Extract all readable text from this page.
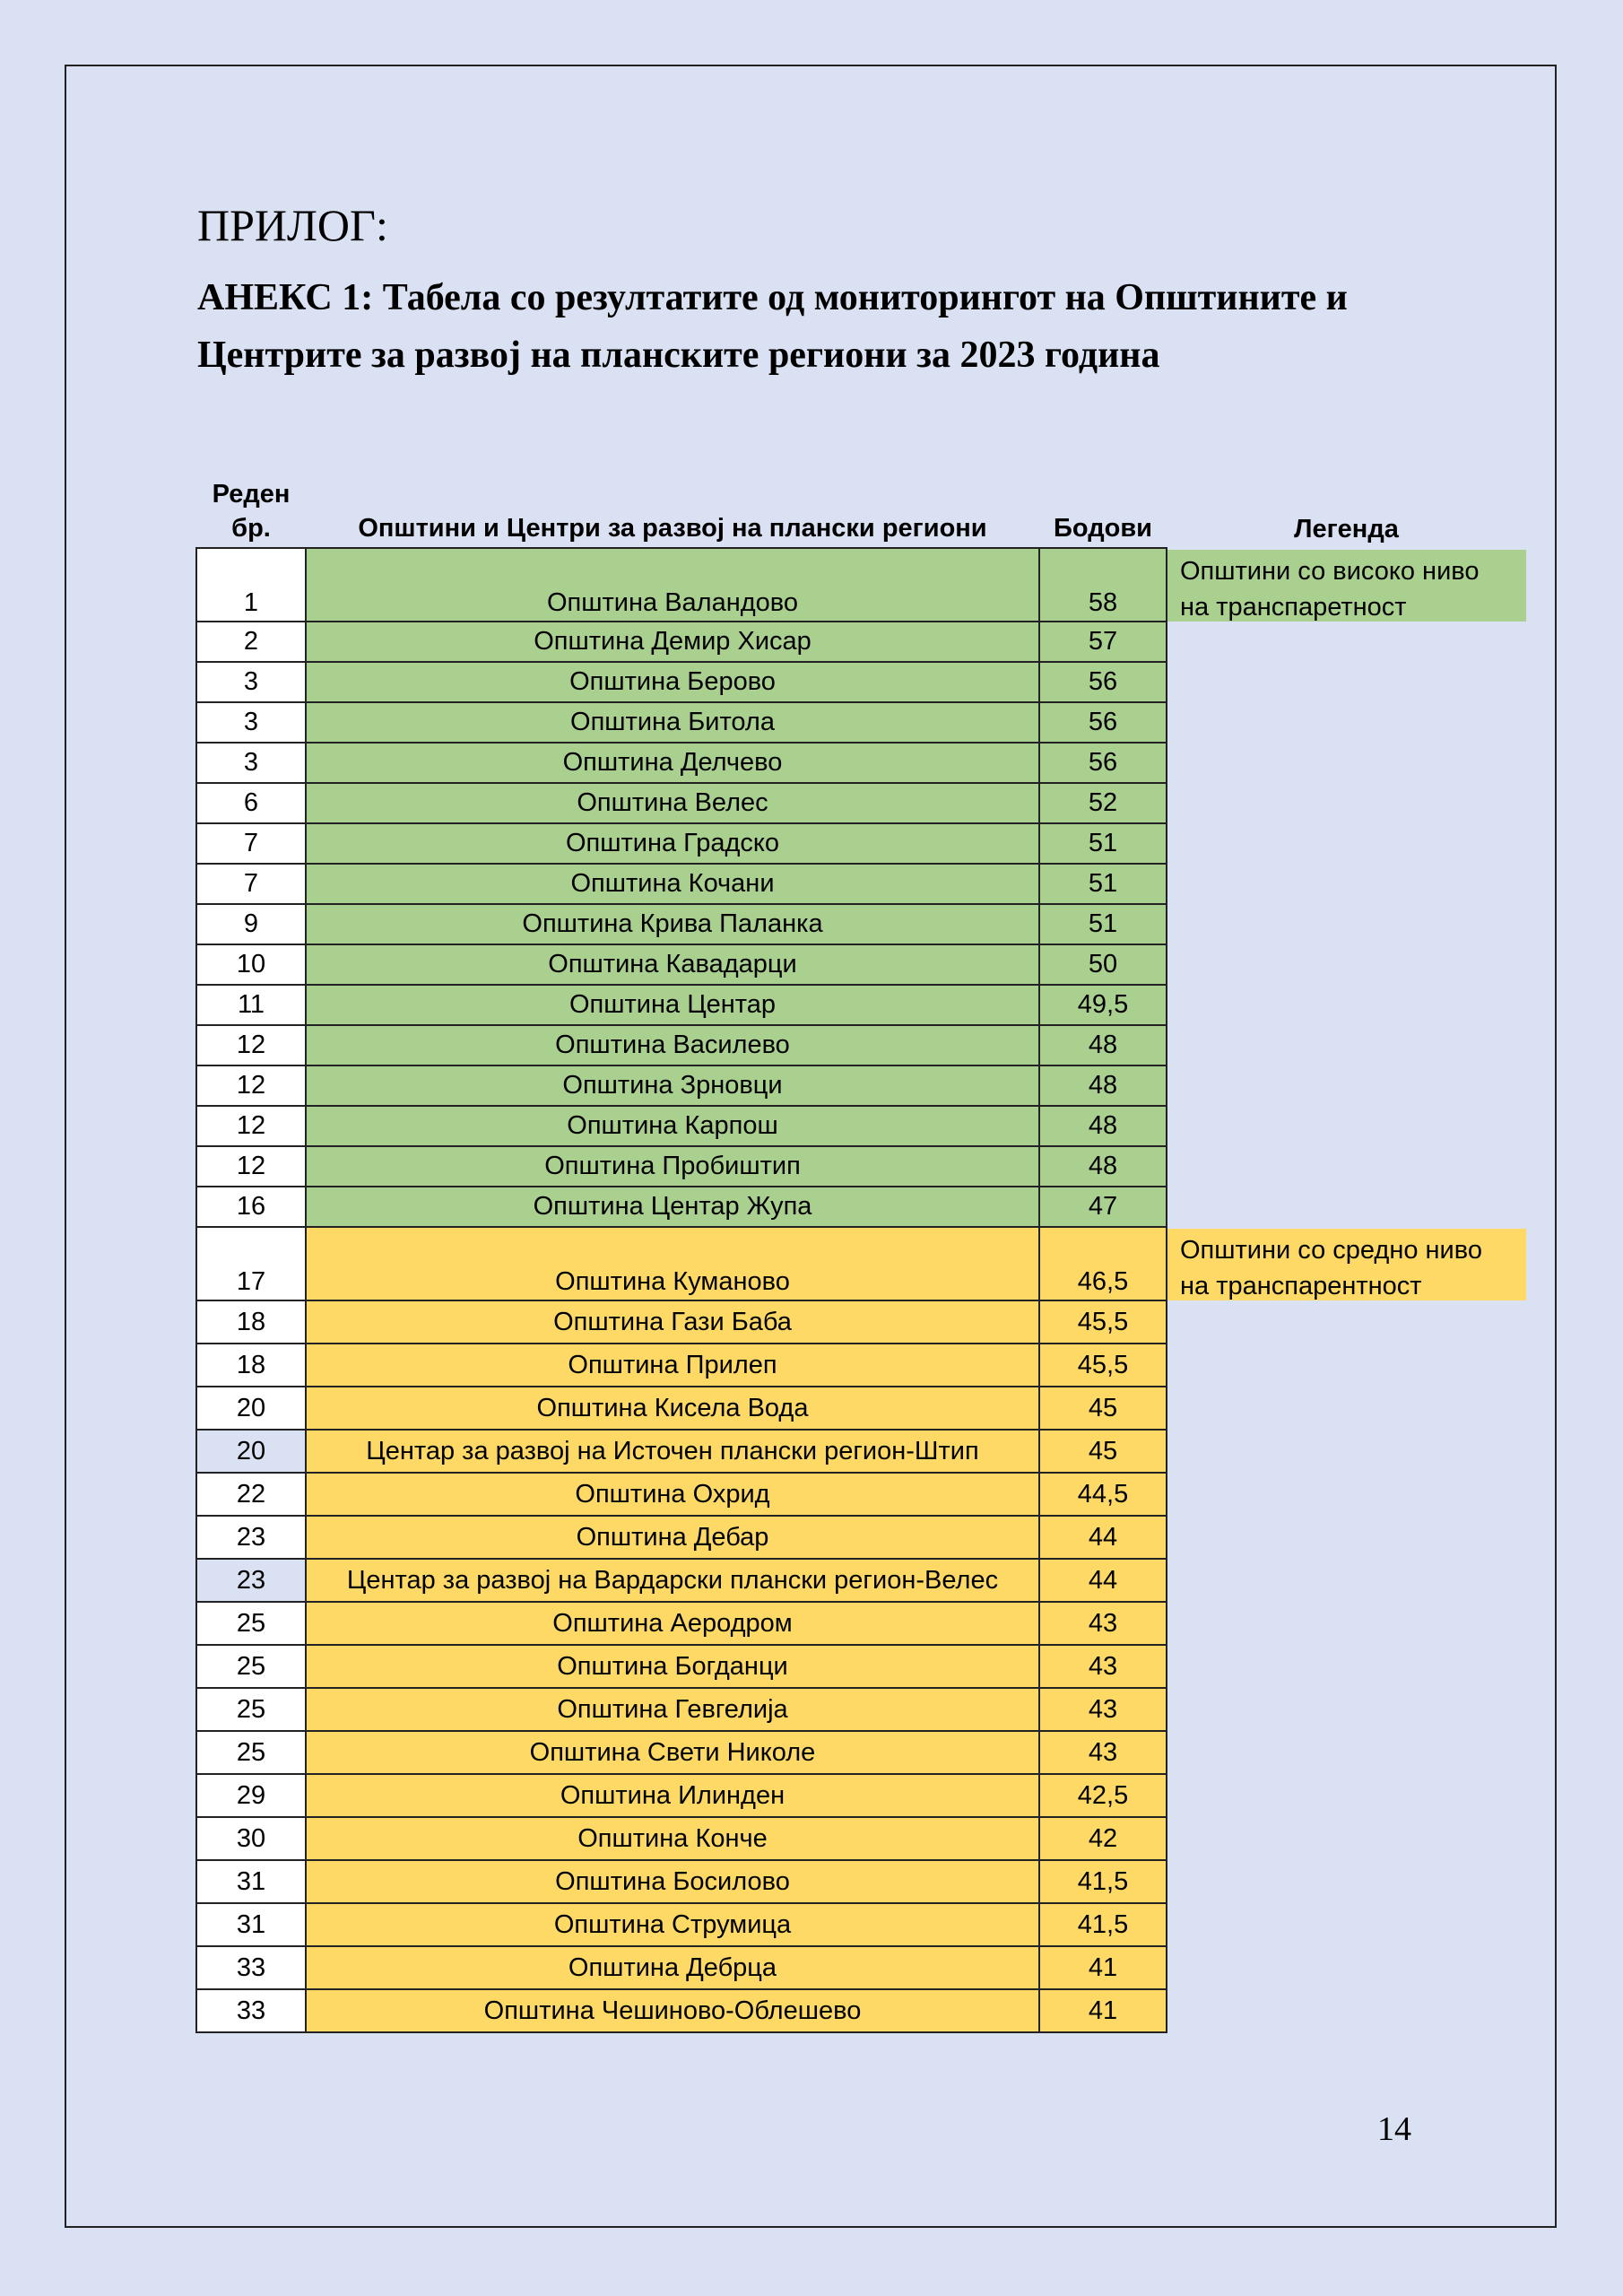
ПРИЛОГ:
АНЕКС 1: Табела со резултатите од мониторингот на Општините и Центрите за развој на планските региони за 2023 година
Реден
бр.	Општини и Центри за развој на плански региони	Бодови	Легенда
1	Општина Валандово	58	Општини со високо ниво на транспаретност

2	Општина Демир Хисар	57	
3	Општина Берово	56	
3	Општина Битола	56	
3	Општина Делчево	56	
6	Општина Велес	52	
7	Општина Градско	51	
7	Општина Кочани	51	
9	Општина Крива Паланка	51	
10	Општина Кавадарци	50	
11	Општина Центар	49,5	
12	Општина Василево	48	
12	Општина Зрновци	48	
12	Општина Карпош	48	
12	Општина Пробиштип	48	
16	Општина Центар Жупа	47	
17	Општина Куманово	46,5	Општини со средно ниво на транспарентност

18	Општина Гази Баба	45,5	
18	Општина Прилеп	45,5	
20	Општина Кисела Вода	45	
20	Центар за развој на Источен плански регион-Штип	45	
22	Општина Охрид	44,5	
23	Општина Дебар	44	
23	Центар за развој на Вардарски плански регион-Велес	44	
25	Општина Аеродром	43	
25	Општина Богданци	43	
25	Општина Гевгелија	43	
25	Општина Свети Николе	43	
29	Општина Илинден	42,5	
30	Општина Конче	42	
31	Општина Босилово	41,5	
31	Општина Струмица	41,5	
33	Општина Дебрца	41	
33	Општина Чешиново-Облешево	41	
14
